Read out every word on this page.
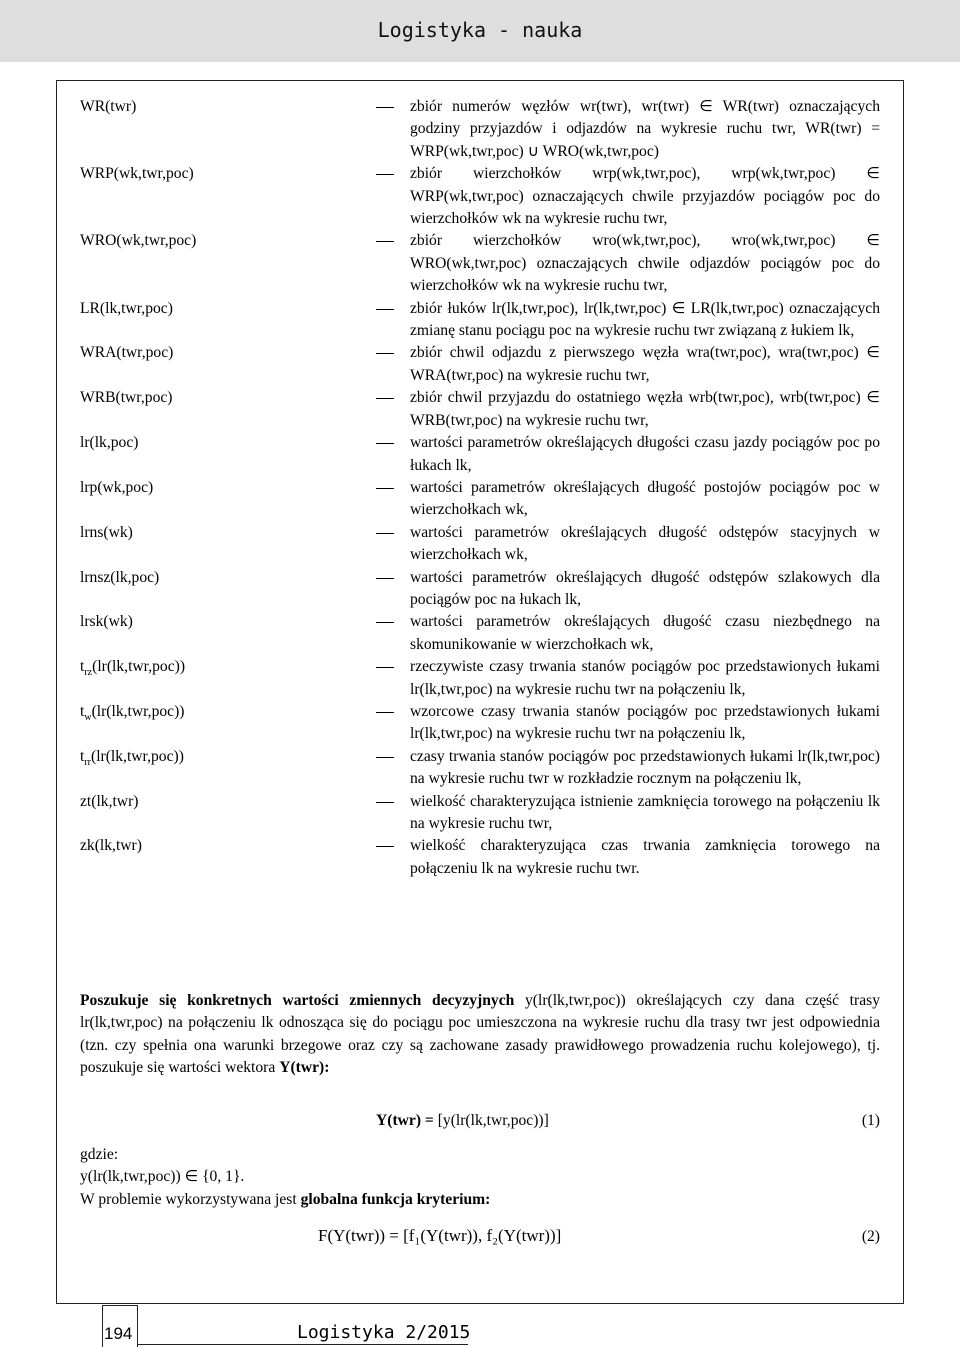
Logistyka - nauka
WR(twr)	zbiór numerów węzłów wr(twr), wr(twr) ∈ WR(twr) oznaczających godziny przyjazdów i odjazdów na wykresie ruchu twr, WR(twr) = WRP(wk,twr,poc) ∪ WRO(wk,twr,poc)
WRP(wk,twr,poc)	zbiór wierzchołków wrp(wk,twr,poc), wrp(wk,twr,poc) ∈ WRP(wk,twr,poc) oznaczających chwile przyjazdów pociągów poc do wierzchołków wk na wykresie ruchu twr,
WRO(wk,twr,poc)	zbiór wierzchołków wro(wk,twr,poc), wro(wk,twr,poc) ∈ WRO(wk,twr,poc) oznaczających chwile odjazdów pociągów poc do wierzchołków wk na wykresie ruchu twr,
LR(lk,twr,poc)	zbiór łuków lr(lk,twr,poc), lr(lk,twr,poc) ∈ LR(lk,twr,poc) oznaczających zmianę stanu pociągu poc na wykresie ruchu twr związaną z łukiem lk,
WRA(twr,poc)	zbiór chwil odjazdu z pierwszego węzła wra(twr,poc), wra(twr,poc) ∈ WRA(twr,poc) na wykresie ruchu twr,
WRB(twr,poc)	zbiór chwil przyjazdu do ostatniego węzła wrb(twr,poc), wrb(twr,poc) ∈ WRB(twr,poc) na wykresie ruchu twr,
lr(lk,poc)	wartości parametrów określających długości czasu jazdy pociągów poc po łukach lk,
lrp(wk,poc)	wartości parametrów określających długość postojów pociągów poc w wierzchołkach wk,
lrns(wk)	wartości parametrów określających długość odstępów stacyjnych w wierzchołkach wk,
lrnsz(lk,poc)	wartości parametrów określających długość odstępów szlakowych dla pociągów poc na łukach lk,
lrsk(wk)	wartości parametrów określających długość czasu niezbędnego na skomunikowanie w wierzchołkach wk,
$t_{rz}(lr(lk,twr,poc))$	rzeczywiste czasy trwania stanów pociągów poc przedstawionych łukami lr(lk,twr,poc) na wykresie ruchu twr na połączeniu lk,
$t_w(lr(lk,twr,poc))$	wzorcowe czasy trwania stanów pociągów poc przedstawionych łukami lr(lk,twr,poc) na wykresie ruchu twr na połączeniu lk,
$t_{rr}(lr(lk,twr,poc))$	czasy trwania stanów pociągów poc przedstawionych łukami lr(lk,twr,poc) na wykresie ruchu twr w rozkładzie rocznym na połączeniu lk,
zt(lk,twr)	wielkość charakteryzująca istnienie zamknięcia torowego na połączeniu lk na wykresie ruchu twr,
zk(lk,twr)	wielkość charakteryzująca czas trwania zamknięcia torowego na połączeniu lk na wykresie ruchu twr.
Poszukuje się konkretnych wartości zmiennych decyzyjnych y(lr(lk,twr,poc)) określających czy dana część trasy lr(lk,twr,poc) na połączeniu lk odnosząca się do pociągu poc umieszczona na wykresie ruchu dla trasy twr jest odpowiednia (tzn. czy spełnia ona warunki brzegowe oraz czy są zachowane zasady prawidłowego prowadzenia ruchu kolejowego), tj. poszukuje się wartości wektora Y(twr):
Y(twr) = [y(lr(lk,twr,poc))]	(1)
gdzie:
y(lr(lk,twr,poc)) ∈ {0, 1}.
W problemie wykorzystywana jest globalna funkcja kryterium:
F(Y(twr)) = [f₁(Y(twr)), f₂(Y(twr))]	(2)
194	Logistyka 2/2015
